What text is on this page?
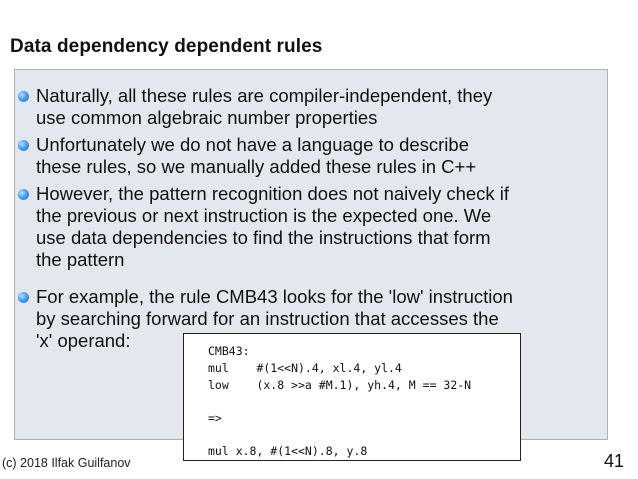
Data dependency dependent rules
Naturally, all these rules are compiler-independent, they
use common algebraic number properties
Unfortunately we do not have a language to describe
these rules, so we manually added these rules in C++
However, the pattern recognition does not naively check if
the previous or next instruction is the expected one. We
use data dependencies to find the instructions that form
the pattern
For example, the rule CMB43 looks for the 'low' instruction
by searching forward for an instruction that accesses the
'x' operand:	CMB43:
mul    #(1<<N).4, xl.4, yl.4
low    (x.8 >>a #M.1), yh.4, M == 32-N
=>
mul x.8, #(1<<N).8, y.8
(c) 2018 Ilfak Guilfanov	41
